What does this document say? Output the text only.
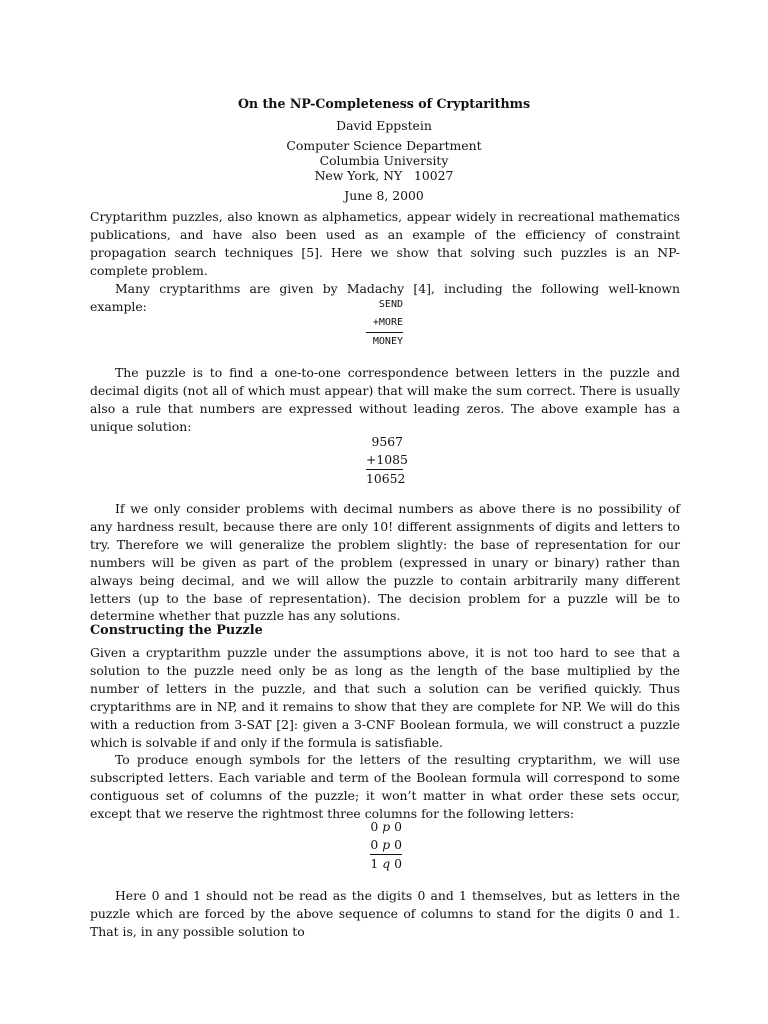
On the NP-Completeness of Cryptarithms
David Eppstein
Computer Science Department
Columbia University
New York, NY   10027
June 8, 2000

Cryptarithm puzzles, also known as alphametics, appear widely in recreational mathematics publications, and have also been used as an example of the efficiency of constraint propagation search techniques [5]. Here we show that solving such puzzles is an NP-complete problem.

Many cryptarithms are given by Madachy [4], including the following well-known example:	SEND
+MORE
MONEY

The puzzle is to find a one-to-one correspondence between letters in the puzzle and decimal digits (not all of which must appear) that will make the sum correct. There is usually also a rule that numbers are expressed without leading zeros. The above example has a unique solution:

9567
+1085
10652

If we only consider problems with decimal numbers as above there is no possibility of any hardness result, because there are only 10! different assignments of digits and letters to try. Therefore we will generalize the problem slightly: the base of representation for our numbers will be given as part of the problem (expressed in unary or binary) rather than always being decimal, and we will allow the puzzle to contain arbitrarily many different letters (up to the base of representation). The decision problem for a puzzle will be to determine whether that puzzle has any solutions.

Constructing the Puzzle

Given a cryptarithm puzzle under the assumptions above, it is not too hard to see that a solution to the puzzle need only be as long as the length of the base multiplied by the number of letters in the puzzle, and that such a solution can be verified quickly. Thus cryptarithms are in NP, and it remains to show that they are complete for NP. We will do this with a reduction from 3-SAT [2]: given a 3-CNF Boolean formula, we will construct a puzzle which is solvable if and only if the formula is satisfiable.

To produce enough symbols for the letters of the resulting cryptarithm, we will use subscripted letters. Each variable and term of the Boolean formula will correspond to some contiguous set of columns of the puzzle; it won’t matter in what order these sets occur, except that we reserve the rightmost three columns for the following letters:

0 p 0
0 p 0
1 q 0

Here 0 and 1 should not be read as the digits 0 and 1 themselves, but as letters in the puzzle which are forced by the above sequence of columns to stand for the digits 0 and 1. That is, in any possible solution to
